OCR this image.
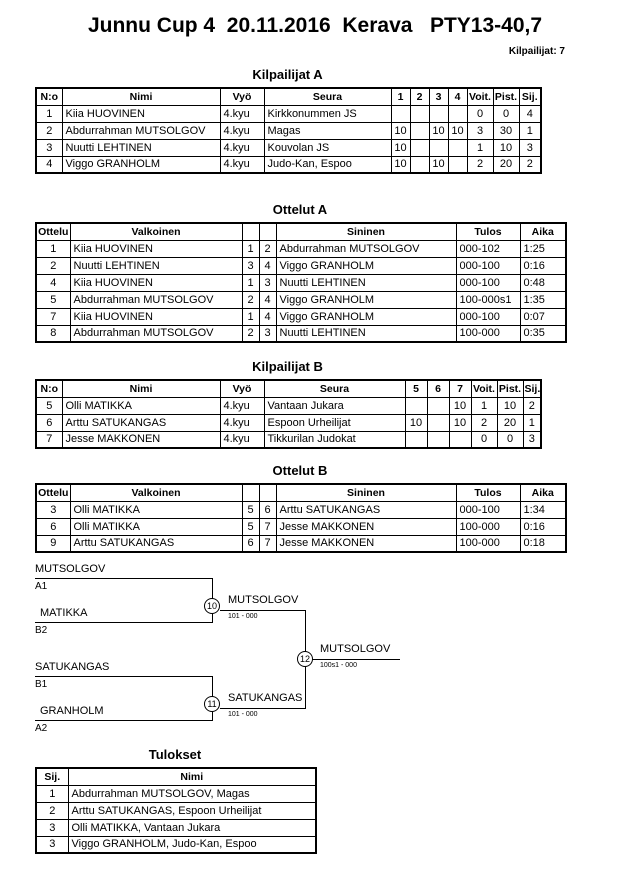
Junnu Cup 4  20.11.2016  Kerava   PTY13-40,7
Kilpailijat: 7
Kilpailijat A
N:o	Nimi	Vyö	Seura	1	2	3	4	Voit.	Pist.	Sij.
1	Kiia HUOVINEN	4.kyu	Kirkkonummen JS					0	0	4
2	Abdurrahman MUTSOLGOV	4.kyu	Magas	10		10	10	3	30	1
3	Nuutti LEHTINEN	4.kyu	Kouvolan JS	10				1	10	3
4	Viggo GRANHOLM	4.kyu	Judo-Kan, Espoo	10		10		2	20	2
Ottelut A
Ottelu	Valkoinen			Sininen	Tulos	Aika
1	Kiia HUOVINEN	1	2	Abdurrahman MUTSOLGOV	000-102	1:25
2	Nuutti LEHTINEN	3	4	Viggo GRANHOLM	000-100	0:16
4	Kiia HUOVINEN	1	3	Nuutti LEHTINEN	000-100	0:48
5	Abdurrahman MUTSOLGOV	2	4	Viggo GRANHOLM	100-000s1	1:35
7	Kiia HUOVINEN	1	4	Viggo GRANHOLM	000-100	0:07
8	Abdurrahman MUTSOLGOV	2	3	Nuutti LEHTINEN	100-000	0:35
Kilpailijat B
N:o	Nimi	Vyö	Seura	5	6	7	Voit.	Pist.	Sij.
5	Olli MATIKKA	4.kyu	Vantaan Jukara			10	1	10	2
6	Arttu SATUKANGAS	4.kyu	Espoon Urheilijat	10		10	2	20	1
7	Jesse MAKKONEN	4.kyu	Tikkurilan Judokat				0	0	3
Ottelut B
Ottelu	Valkoinen			Sininen	Tulos	Aika
3	Olli MATIKKA	5	6	Arttu SATUKANGAS	000-100	1:34
6	Olli MATIKKA	5	7	Jesse MAKKONEN	100-000	0:16
9	Arttu SATUKANGAS	6	7	Jesse MAKKONEN	100-000	0:18
MUTSOLGOV
A1
MATIKKA
B2
10 MUTSOLGOV
101 - 000
SATUKANGAS
B1
GRANHOLM
A2
11	SATUKANGAS
101 - 000
12
MUTSOLGOV
100s1 - 000
Tulokset
Sij.	Nimi
1	Abdurrahman MUTSOLGOV, Magas
2	Arttu SATUKANGAS, Espoon Urheilijat
3	Olli MATIKKA, Vantaan Jukara
3	Viggo GRANHOLM, Judo-Kan, Espoo
